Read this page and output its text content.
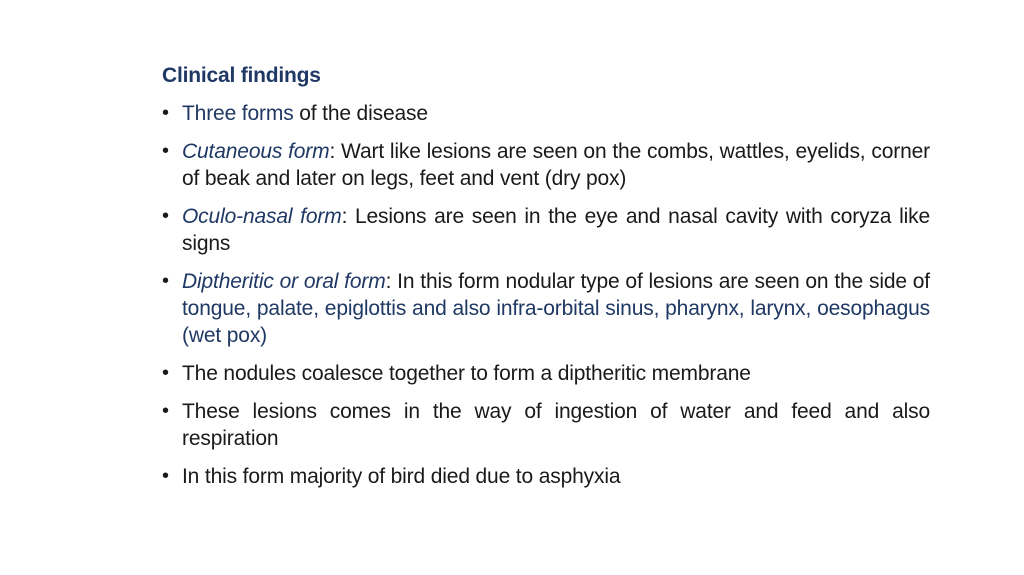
Clinical findings
• Three forms of the disease
• Cutaneous form: Wart like lesions are seen on the combs, wattles, eyelids, corner of beak and later on legs, feet and vent (dry pox)
• Oculo-nasal form: Lesions are seen in the eye and nasal cavity with coryza like signs
• Diptheritic or oral form: In this form nodular type of lesions are seen on the side of tongue, palate, epiglottis and also infra-orbital sinus, pharynx, larynx, oesophagus (wet pox)
• The nodules coalesce together to form a diptheritic membrane
• These lesions comes in the way of ingestion of water and feed and also respiration
• In this form majority of bird died due to asphyxia
